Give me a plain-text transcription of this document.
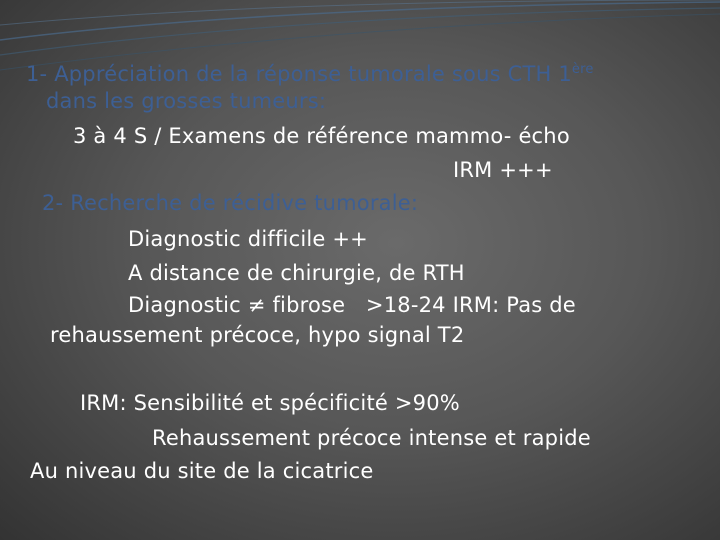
1- Appréciation de la réponse tumorale sous CTH 1ère
dans les grosses tumeurs:
3 à 4 S / Examens de référence mammo- écho
IRM +++
2- Recherche de récidive tumorale:
Diagnostic difficile ++
A distance de chirurgie, de RTH
Diagnostic ≠ fibrose   >18-24 IRM: Pas de
rehaussement précoce, hypo signal T2
IRM: Sensibilité et spécificité >90%
Rehaussement précoce intense et rapide
Au niveau du site de la cicatrice
